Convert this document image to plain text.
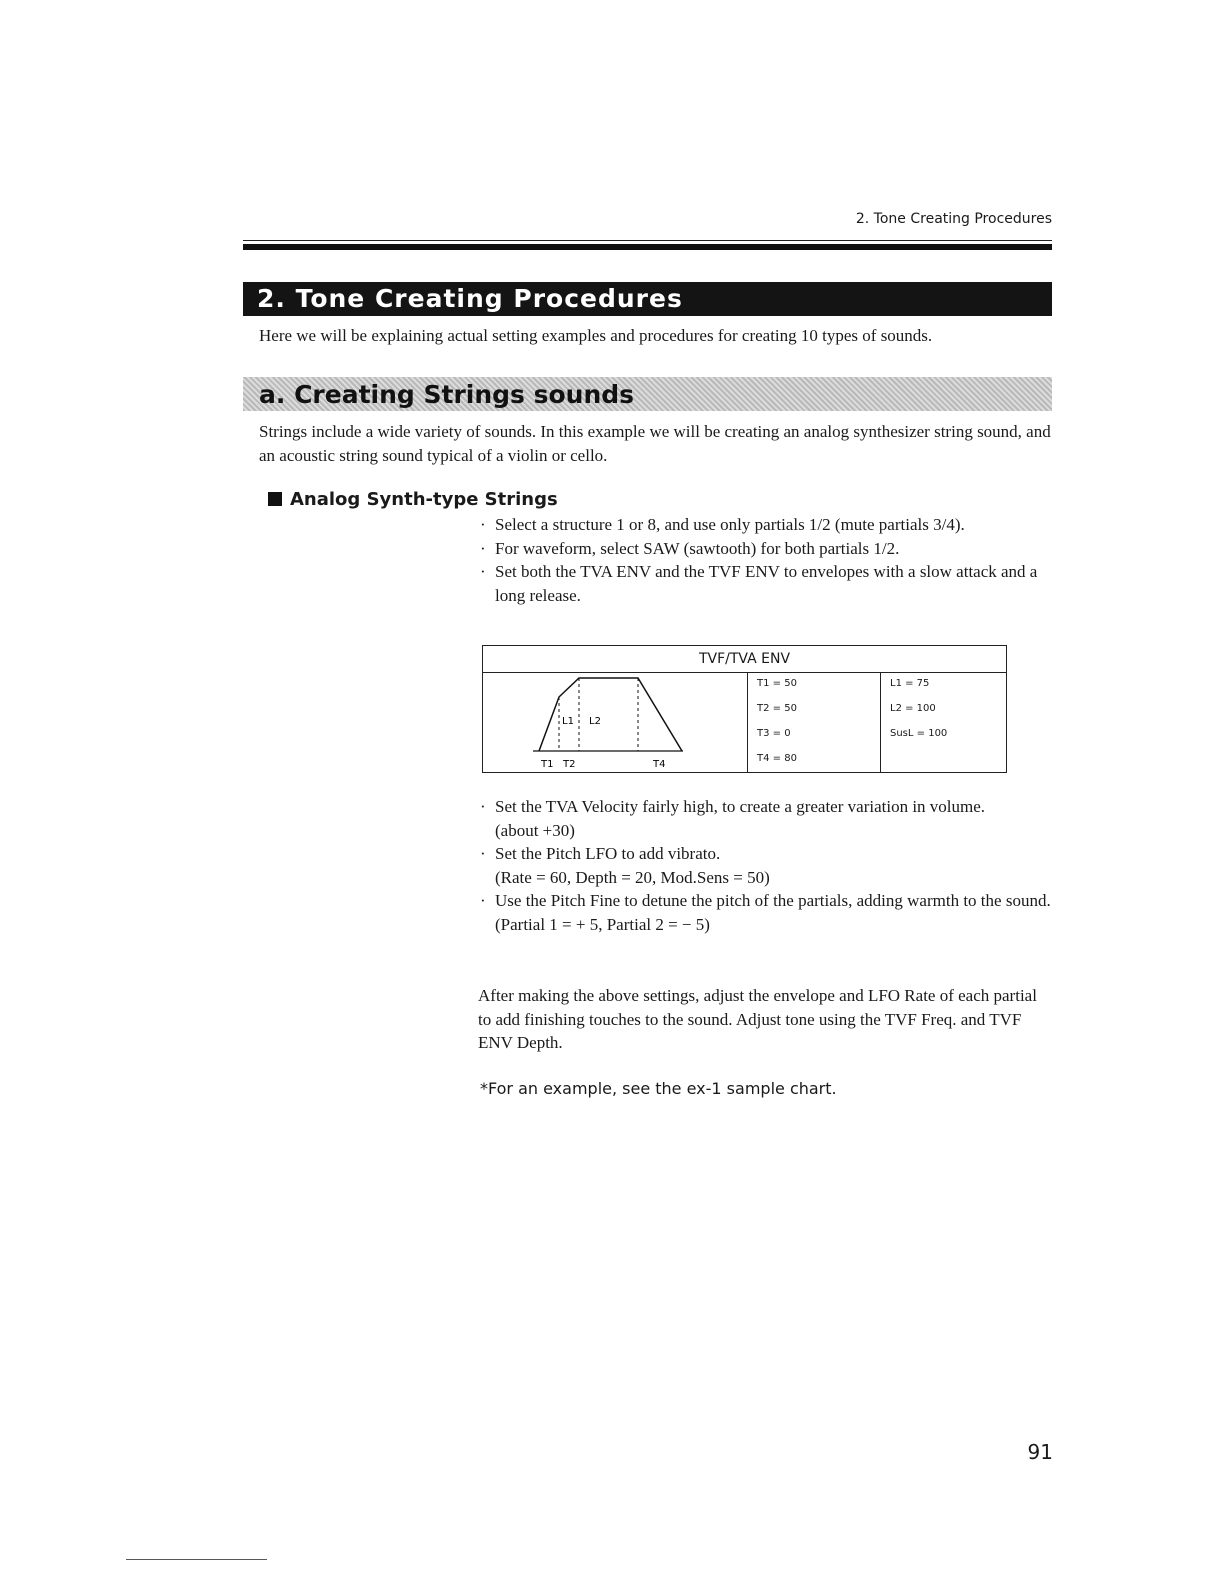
2. Tone Creating Procedures
2. Tone Creating Procedures
Here we will be explaining actual setting examples and procedures for creating 10 types of sounds.
a. Creating Strings sounds
Strings include a wide variety of sounds. In this example we will be creating an analog synthesizer string sound, and an acoustic string sound typical of a violin or cello.
Analog Synth-type Strings
· Select a structure 1 or 8, and use only partials 1/2 (mute partials 3/4).
· For waveform, select SAW (sawtooth) for both partials 1/2.
· Set both the TVA ENV and the TVF ENV to envelopes with a slow attack and a long release.
TVF/TVA ENV
L1 L2
T1 T2	T4
T1 = 50
T2 = 50
T3 = 0
T4 = 80
L1 = 75
L2 = 100
SusL = 100
· Set the TVA Velocity fairly high, to create a greater variation in volume.
(about +30)
· Set the Pitch LFO to add vibrato.
(Rate = 60, Depth = 20, Mod.Sens = 50)
· Use the Pitch Fine to detune the pitch of the partials, adding warmth to the sound. (Partial 1 = + 5, Partial 2 = − 5)
After making the above settings, adjust the envelope and LFO Rate of each partial to add finishing touches to the sound. Adjust tone using the TVF Freq. and TVF ENV Depth.
*For an example, see the ex-1 sample chart.
91
